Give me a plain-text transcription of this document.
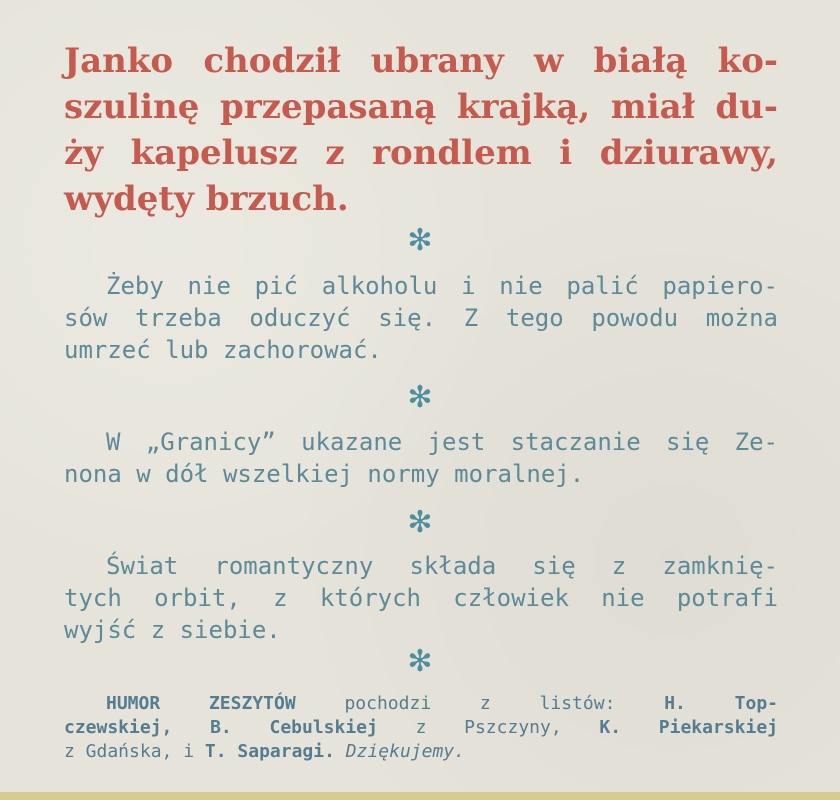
Janko chodził ubrany w białą ko-
szulinę przepasaną krajką, miał du-
ży kapelusz z rondlem i dziurawy,
wydęty brzuch.
✻
Żeby nie pić alkoholu i nie palić papiero-
sów trzeba oduczyć się. Z tego powodu można
umrzeć lub zachorować.
✻
W „Granicy” ukazane jest staczanie się Ze-
nona w dół wszelkiej normy moralnej.
✻
Świat romantyczny składa się z zamknię-
tych orbit, z których człowiek nie potrafi
wyjść z siebie.
✻
HUMOR ZESZYTÓW pochodzi z listów: H. Top-
czewskiej, B. Cebulskiej z Pszczyny, K. Piekarskiej
z Gdańska, i T. Saparagi. Dziękujemy.
